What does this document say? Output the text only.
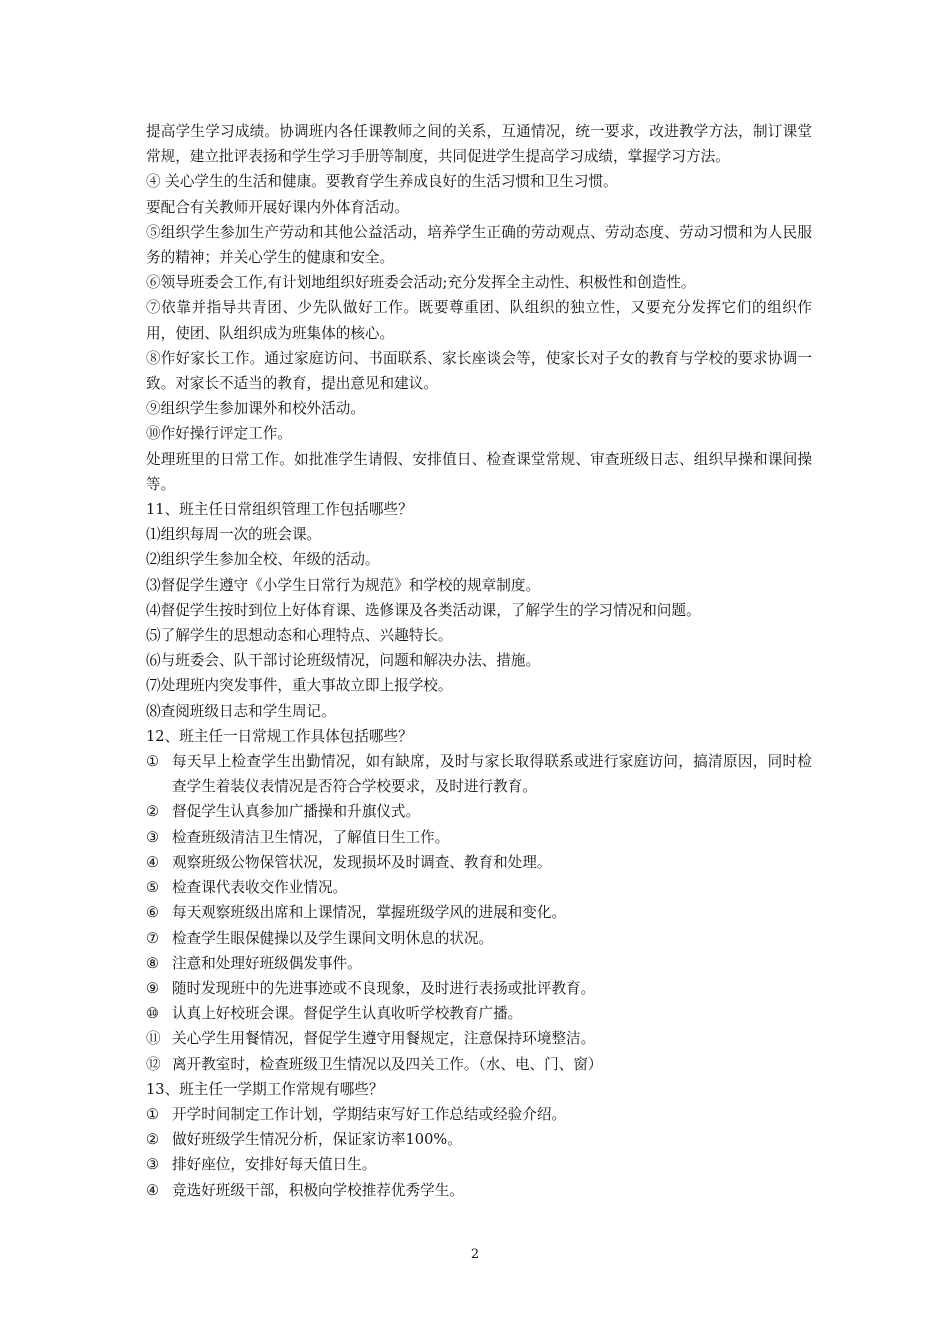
提高学生学习成绩。协调班内各任课教师之间的关系，互通情况，统一要求，改进教学方法，制订课堂常规，建立批评表扬和学生学习手册等制度，共同促进学生提高学习成绩，掌握学习方法。

④ 关心学生的生活和健康。要教育学生养成良好的生活习惯和卫生习惯。

要配合有关教师开展好课内外体育活动。

⑤组织学生参加生产劳动和其他公益活动，培养学生正确的劳动观点、劳动态度、劳动习惯和为人民服务的精神；并关心学生的健康和安全。

⑥领导班委会工作,有计划地组织好班委会活动;充分发挥全主动性、积极性和创造性。

⑦依靠并指导共青团、少先队做好工作。既要尊重团、队组织的独立性，又要充分发挥它们的组织作用，使团、队组织成为班集体的核心。

⑧作好家长工作。通过家庭访问、书面联系、家长座谈会等，使家长对子女的教育与学校的要求协调一致。对家长不适当的教育，提出意见和建议。

⑨组织学生参加课外和校外活动。

⑩作好操行评定工作。

处理班里的日常工作。如批准学生请假、安排值日、检查课堂常规、审查班级日志、组织早操和课间操等。

11、班主任日常组织管理工作包括哪些？

⑴组织每周一次的班会课。

⑵组织学生参加全校、年级的活动。

⑶督促学生遵守《小学生日常行为规范》和学校的规章制度。

⑷督促学生按时到位上好体育课、选修课及各类活动课，了解学生的学习情况和问题。

⑸了解学生的思想动态和心理特点、兴趣特长。

⑹与班委会、队干部讨论班级情况，问题和解决办法、措施。

⑺处理班内突发事件，重大事故立即上报学校。

⑻查阅班级日志和学生周记。

12、班主任一日常规工作具体包括哪些？

① 每天早上检查学生出勤情况，如有缺席，及时与家长取得联系或进行家庭访问，搞清原因，同时检查学生着装仪表情况是否符合学校要求，及时进行教育。
② 督促学生认真参加广播操和升旗仪式。
③ 检查班级清洁卫生情况，了解值日生工作。
④ 观察班级公物保管状况，发现损坏及时调查、教育和处理。
⑤ 检查课代表收交作业情况。
⑥ 每天观察班级出席和上课情况，掌握班级学风的进展和变化。
⑦ 检查学生眼保健操以及学生课间文明休息的状况。
⑧ 注意和处理好班级偶发事件。
⑨ 随时发现班中的先进事迹或不良现象，及时进行表扬或批评教育。
⑩ 认真上好校班会课。督促学生认真收听学校教育广播。
⑪ 关心学生用餐情况，督促学生遵守用餐规定，注意保持环境整洁。
⑫ 离开教室时，检查班级卫生情况以及四关工作。（水、电、门、窗）

13、班主任一学期工作常规有哪些？

① 开学时间制定工作计划，学期结束写好工作总结或经验介绍。
② 做好班级学生情况分析，保证家访率100%。
③ 排好座位，安排好每天值日生。
④ 竞选好班级干部，积极向学校推荐优秀学生。
2
